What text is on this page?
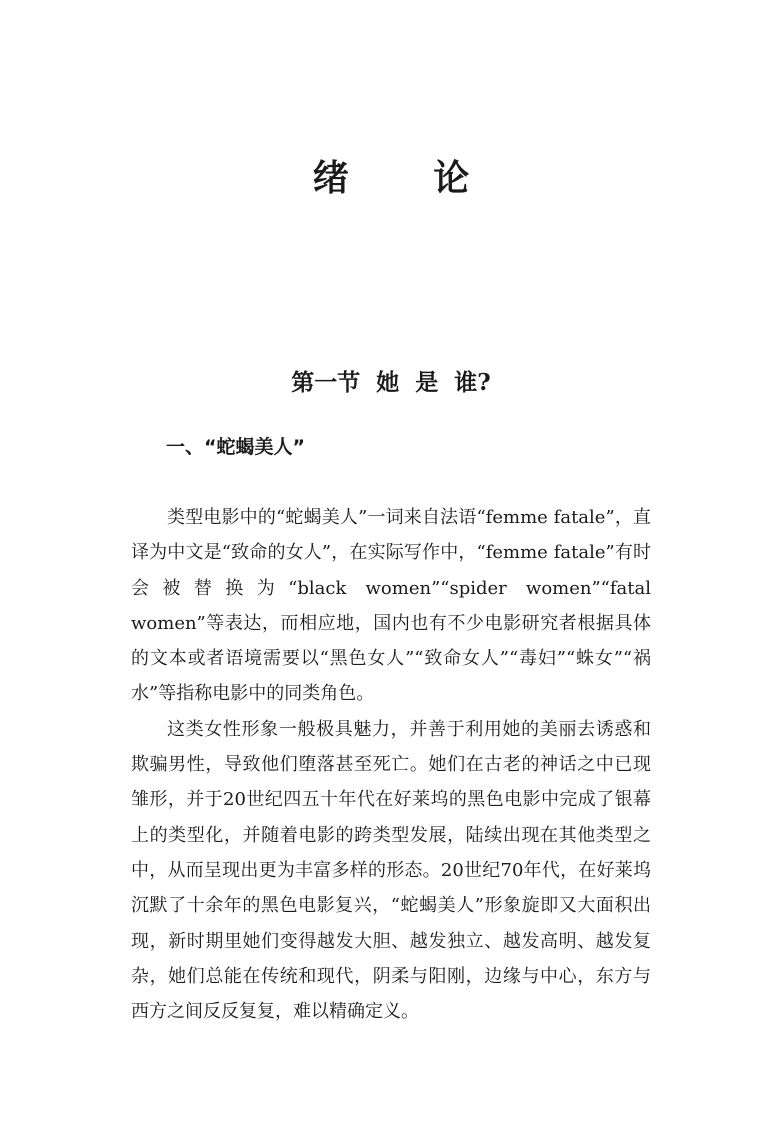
绪 论
第一节 她 是 谁?
一、“蛇蝎美人”

类型电影中的“蛇蝎美人”一词来自法语“femme fatale”，直译为中文是“致命的女人”，在实际写作中，“femme fatale”有时会被替换为“black women”“spider women”“fatal women”等表达，而相应地，国内也有不少电影研究者根据具体的文本或者语境需要以“黑色女人”“致命女人”“毒妇”“蛛女”“祸水”等指称电影中的同类角色。

这类女性形象一般极具魅力，并善于利用她的美丽去诱惑和欺骗男性，导致他们堕落甚至死亡。她们在古老的神话之中已现雏形，并于20世纪四五十年代在好莱坞的黑色电影中完成了银幕上的类型化，并随着电影的跨类型发展，陆续出现在其他类型之中，从而呈现出更为丰富多样的形态。20世纪70年代，在好莱坞沉默了十余年的黑色电影复兴，“蛇蝎美人”形象旋即又大面积出现，新时期里她们变得越发大胆、越发独立、越发高明、越发复杂，她们总能在传统和现代，阴柔与阳刚，边缘与中心，东方与西方之间反反复复，难以精确定义。
